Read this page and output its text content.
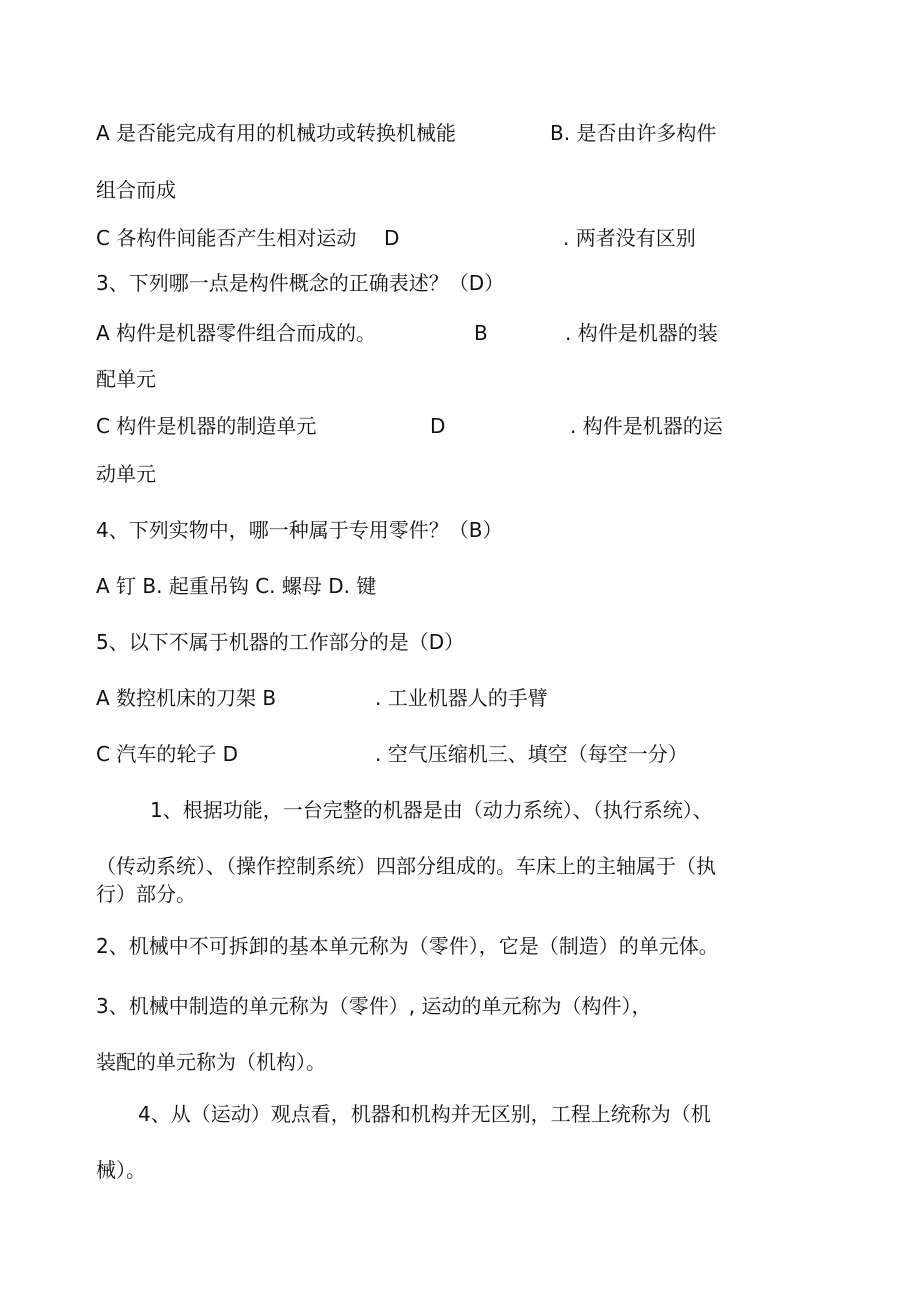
A 是否能完成有用的机械功或转换机械能	B. 是否由许多构件
组合而成
C 各构件间能否产生相对运动 D	. 两者没有区别
3、下列哪一点是构件概念的正确表述？（D）
A 构件是机器零件组合而成的。	B	. 构件是机器的装
配单元
C 构件是机器的制造单元	D	. 构件是机器的运
动单元
4、下列实物中，哪一种属于专用零件？（B）
A 钉 B. 起重吊钩 C. 螺母 D. 键
5、以下不属于机器的工作部分的是（D）
A 数控机床的刀架 B	. 工业机器人的手臂
C 汽车的轮子 D	. 空气压缩机三、填空（每空一分）
1、根据功能，一台完整的机器是由（动力系统）、（执行系统）、
（传动系统）、（操作控制系统）四部分组成的。车床上的主轴属于（执
行）部分。
2、机械中不可拆卸的基本单元称为（零件），它是（制造）的单元体。
3、机械中制造的单元称为（零件）, 运动的单元称为（构件），
装配的单元称为（机构）。
4、从（运动）观点看，机器和机构并无区别，工程上统称为（机
械）。
